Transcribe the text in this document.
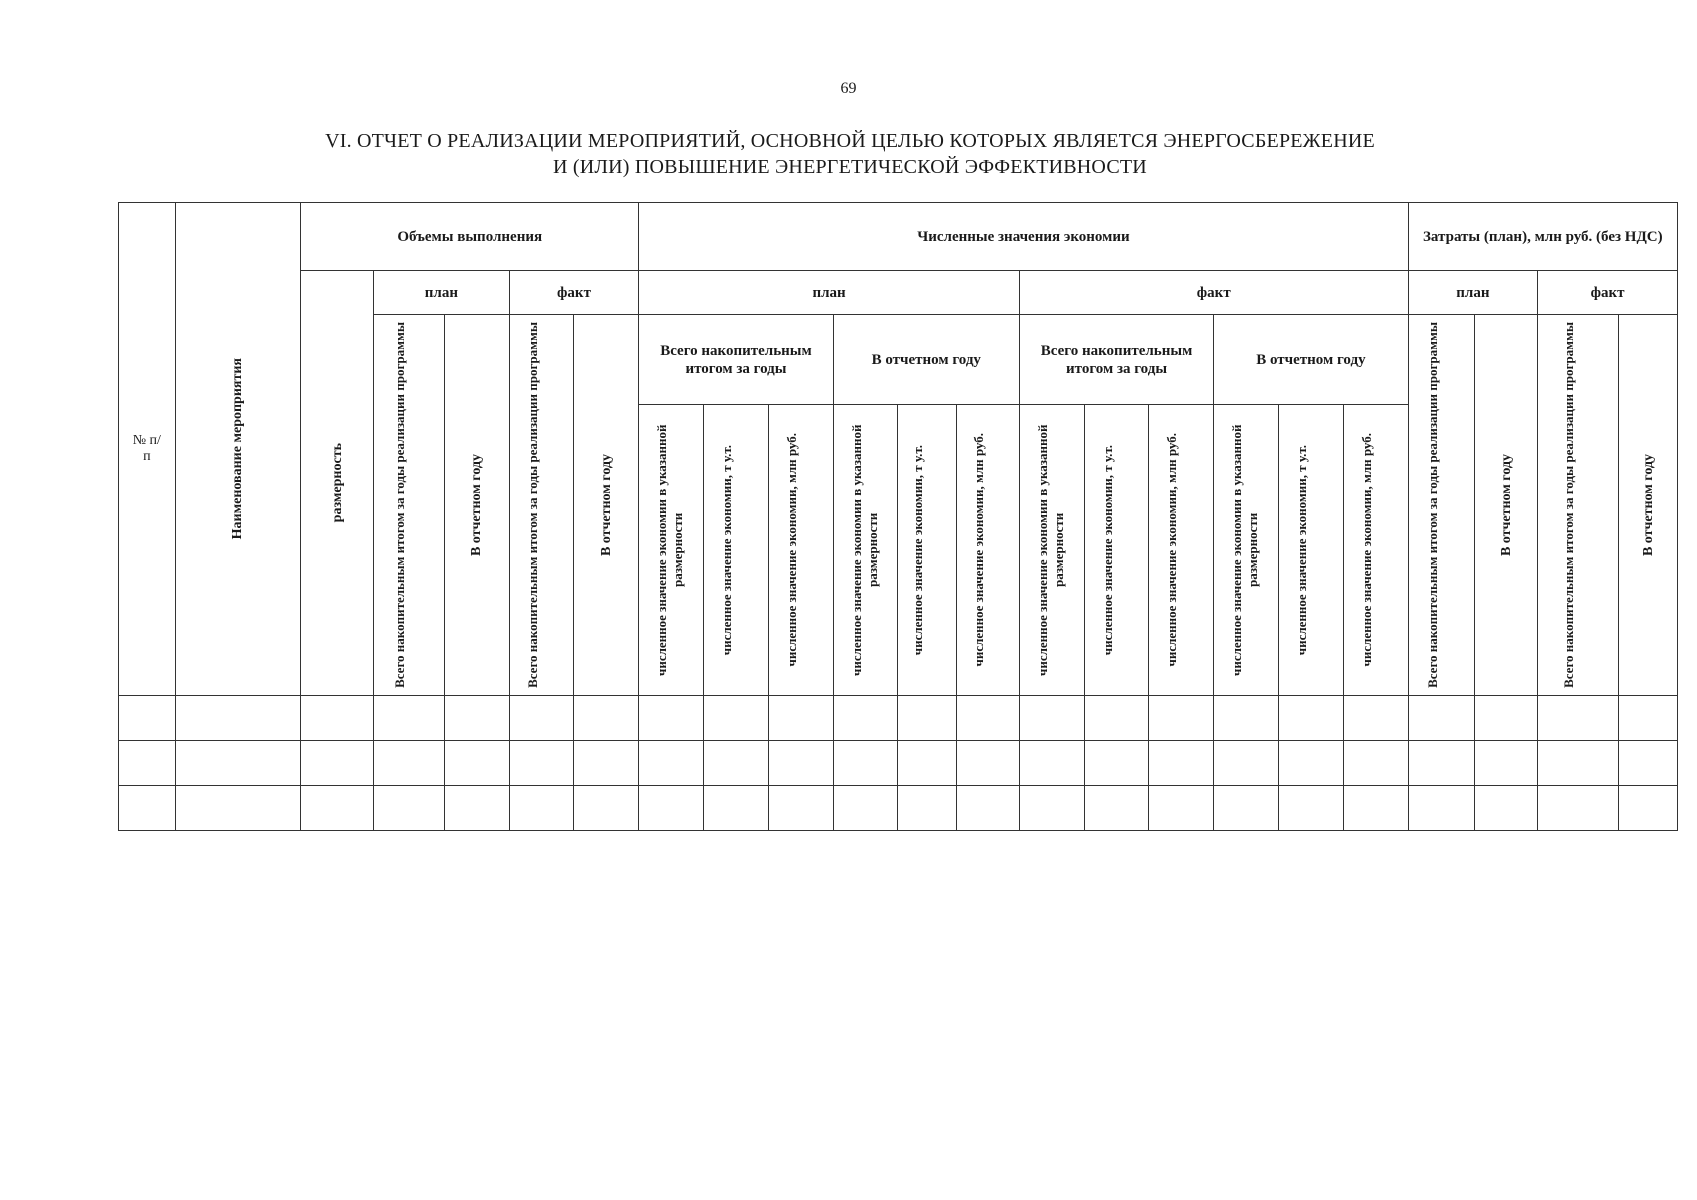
69
VI. ОТЧЕТ О РЕАЛИЗАЦИИ МЕРОПРИЯТИЙ, ОСНОВНОЙ ЦЕЛЬЮ КОТОРЫХ ЯВЛЯЕТСЯ ЭНЕРГОСБЕРЕЖЕНИЕ
И (ИЛИ) ПОВЫШЕНИЕ ЭНЕРГЕТИЧЕСКОЙ ЭФФЕКТИВНОСТИ
№ п/п	Наименование мероприятия	Объемы выполнения					Численные значения экономии												Затраты (план), млн руб. (без НДС)			

		размерность	план		факт		план						факт						план		факт	

			Всего накопительным итогом за годы реализации программы	В отчетном году	Всего накопительным итогом за годы реализации программы	В отчетном году	Всего накопительным итогом за годы			В отчетном году			Всего накопительным итогом за годы			В отчетном году			Всего накопительным итогом за годы реализации программы	В отчетном году	Всего накопительным итогом за годы реализации программы	В отчетном году

							численное значение экономии в указанной размерности	численное значение экономии, т у.т.	численное значение экономии, млн руб.	численное значение экономии в указанной размерности	численное значение экономии, т у.т.	численное значение экономии, млн руб.	численное значение экономии в указанной размерности	численное значение экономии, т у.т.	численное значение экономии, млн руб.	численное значение экономии в указанной размерности	численное значение экономии, т у.т.	численное значение экономии, млн руб.				
